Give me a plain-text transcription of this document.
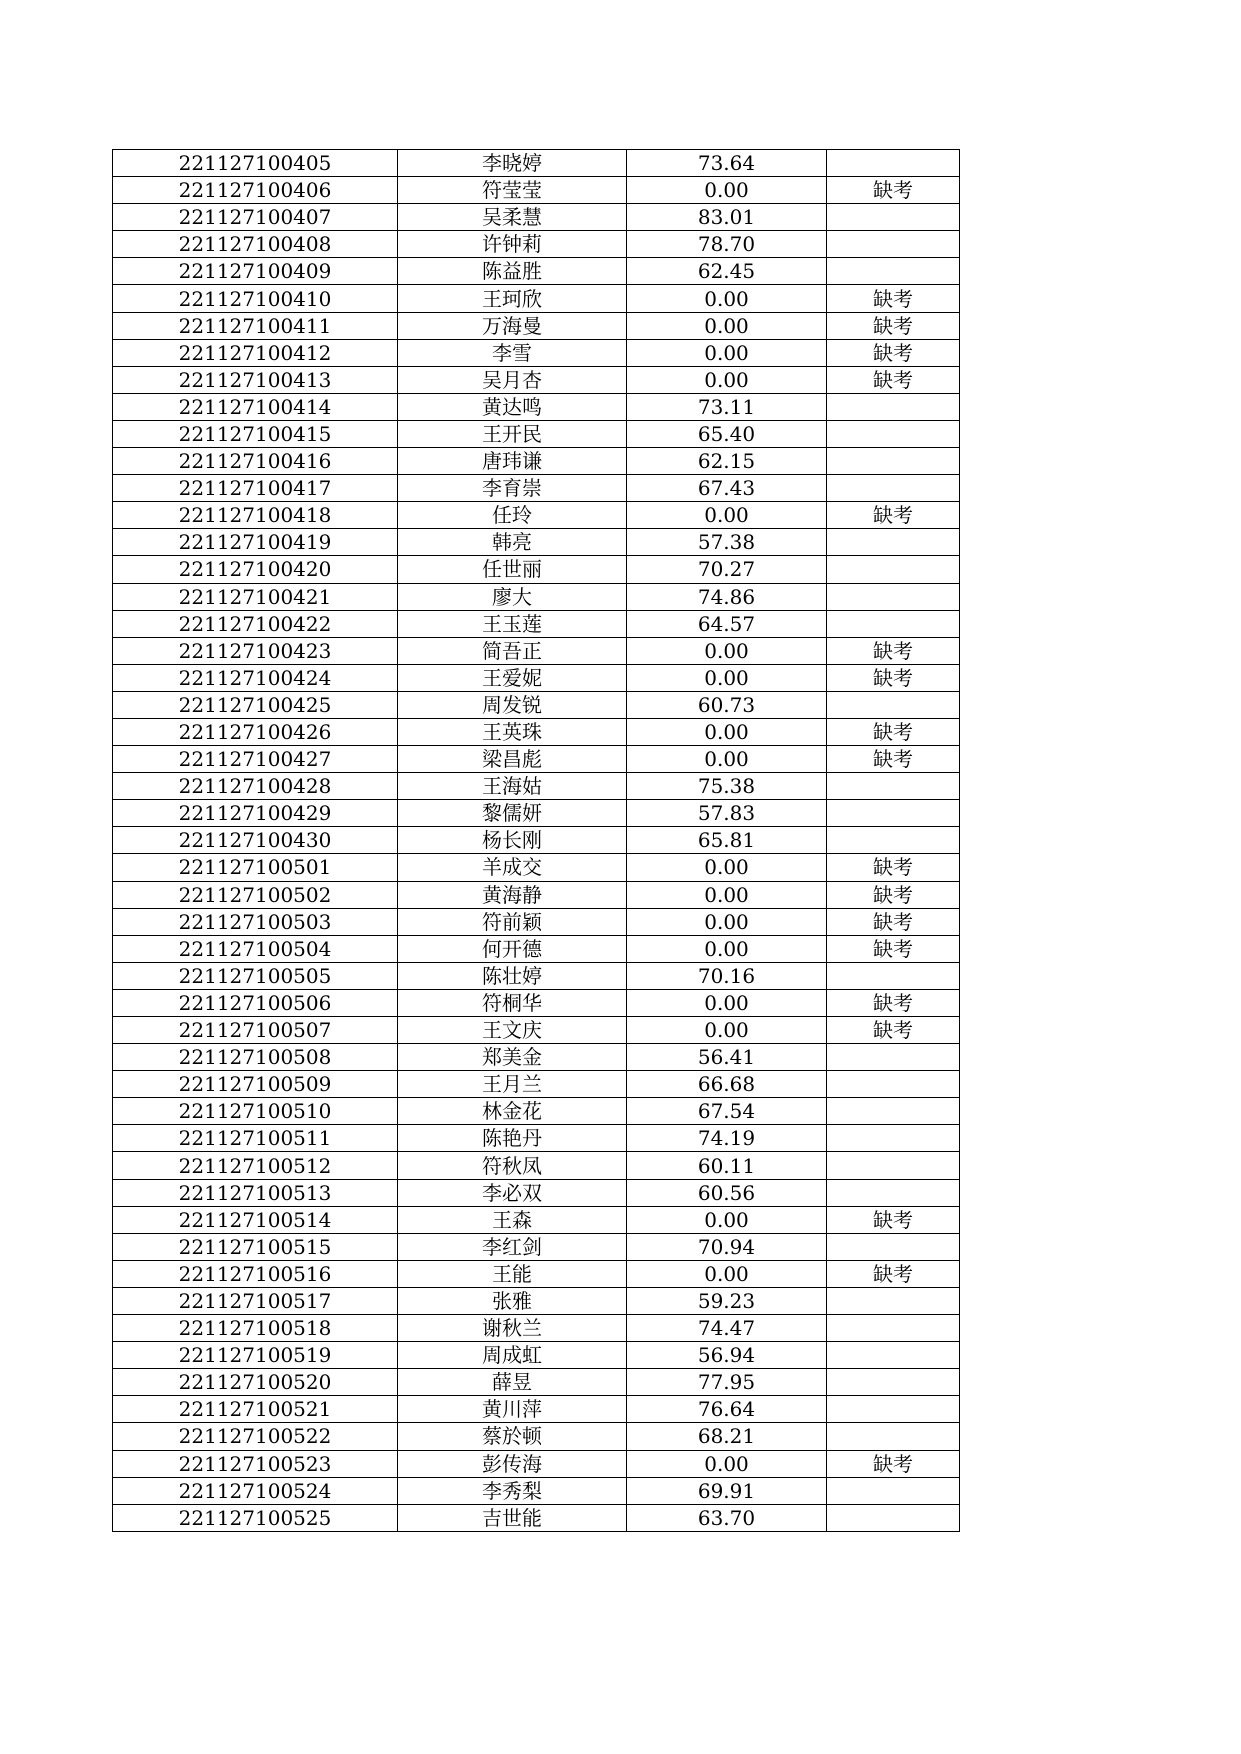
221127100405	李晓婷	73.64	
221127100406	符莹莹	0.00	缺考
221127100407	吴柔慧	83.01	
221127100408	许钟莉	78.70	
221127100409	陈益胜	62.45	
221127100410	王珂欣	0.00	缺考
221127100411	万海曼	0.00	缺考
221127100412	李雪	0.00	缺考
221127100413	吴月杏	0.00	缺考
221127100414	黄达鸣	73.11	
221127100415	王开民	65.40	
221127100416	唐玮谦	62.15	
221127100417	李育崇	67.43	
221127100418	任玲	0.00	缺考
221127100419	韩亮	57.38	
221127100420	任世丽	70.27	
221127100421	廖大	74.86	
221127100422	王玉莲	64.57	
221127100423	简吾正	0.00	缺考
221127100424	王爱妮	0.00	缺考
221127100425	周发锐	60.73	
221127100426	王英珠	0.00	缺考
221127100427	梁昌彪	0.00	缺考
221127100428	王海姑	75.38	
221127100429	黎儒妍	57.83	
221127100430	杨长刚	65.81	
221127100501	羊成交	0.00	缺考
221127100502	黄海静	0.00	缺考
221127100503	符前颖	0.00	缺考
221127100504	何开德	0.00	缺考
221127100505	陈壮婷	70.16	
221127100506	符桐华	0.00	缺考
221127100507	王文庆	0.00	缺考
221127100508	郑美金	56.41	
221127100509	王月兰	66.68	
221127100510	林金花	67.54	
221127100511	陈艳丹	74.19	
221127100512	符秋凤	60.11	
221127100513	李必双	60.56	
221127100514	王森	0.00	缺考
221127100515	李红剑	70.94	
221127100516	王能	0.00	缺考
221127100517	张雅	59.23	
221127100518	谢秋兰	74.47	
221127100519	周成虹	56.94	
221127100520	薛昱	77.95	
221127100521	黄川萍	76.64	
221127100522	蔡於顿	68.21	
221127100523	彭传海	0.00	缺考
221127100524	李秀梨	69.91	
221127100525	吉世能	63.70	
